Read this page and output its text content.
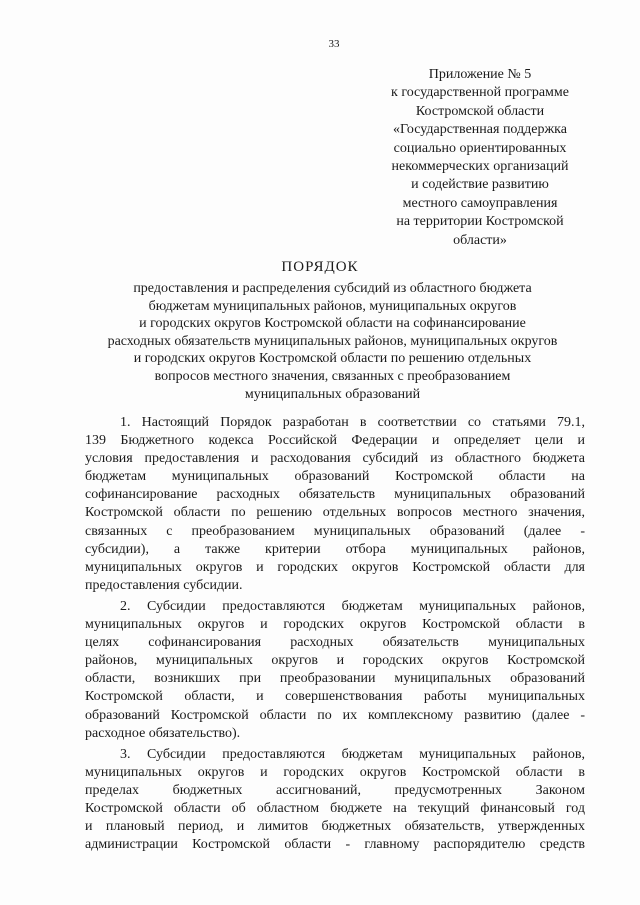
33
Приложение № 5
к государственной программе
Костромской области
«Государственная поддержка
социально ориентированных
некоммерческих организаций
и содействие развитию
местного самоуправления
на территории Костромской
области»
ПОРЯДОК
предоставления и распределения субсидий из областного бюджета
бюджетам муниципальных районов, муниципальных округов
и городских округов Костромской области на софинансирование
расходных обязательств муниципальных районов, муниципальных округов
и городских округов Костромской области по решению отдельных
вопросов местного значения, связанных с преобразованием
муниципальных образований
1. Настоящий Порядок разработан в соответствии со статьями 79.1,
139 Бюджетного кодекса Российской Федерации и определяет цели и
условия предоставления и расходования субсидий из областного бюджета
бюджетам муниципальных образований Костромской области на
софинансирование расходных обязательств муниципальных образований
Костромской области по решению отдельных вопросов местного значения,
связанных с преобразованием муниципальных образований (далее -
субсидии), а также критерии отбора муниципальных районов,
муниципальных округов и городских округов Костромской области для
предоставления субсидии.
2. Субсидии предоставляются бюджетам муниципальных районов,
муниципальных округов и городских округов Костромской области в
целях софинансирования расходных обязательств муниципальных
районов, муниципальных округов и городских округов Костромской
области, возникших при преобразовании муниципальных образований
Костромской области, и совершенствования работы муниципальных
образований Костромской области по их комплексному развитию (далее -
расходное обязательство).
3. Субсидии предоставляются бюджетам муниципальных районов,
муниципальных округов и городских округов Костромской области в
пределах бюджетных ассигнований, предусмотренных Законом
Костромской области об областном бюджете на текущий финансовый год
и плановый период, и лимитов бюджетных обязательств, утвержденных
администрации Костромской области - главному распорядителю средств
